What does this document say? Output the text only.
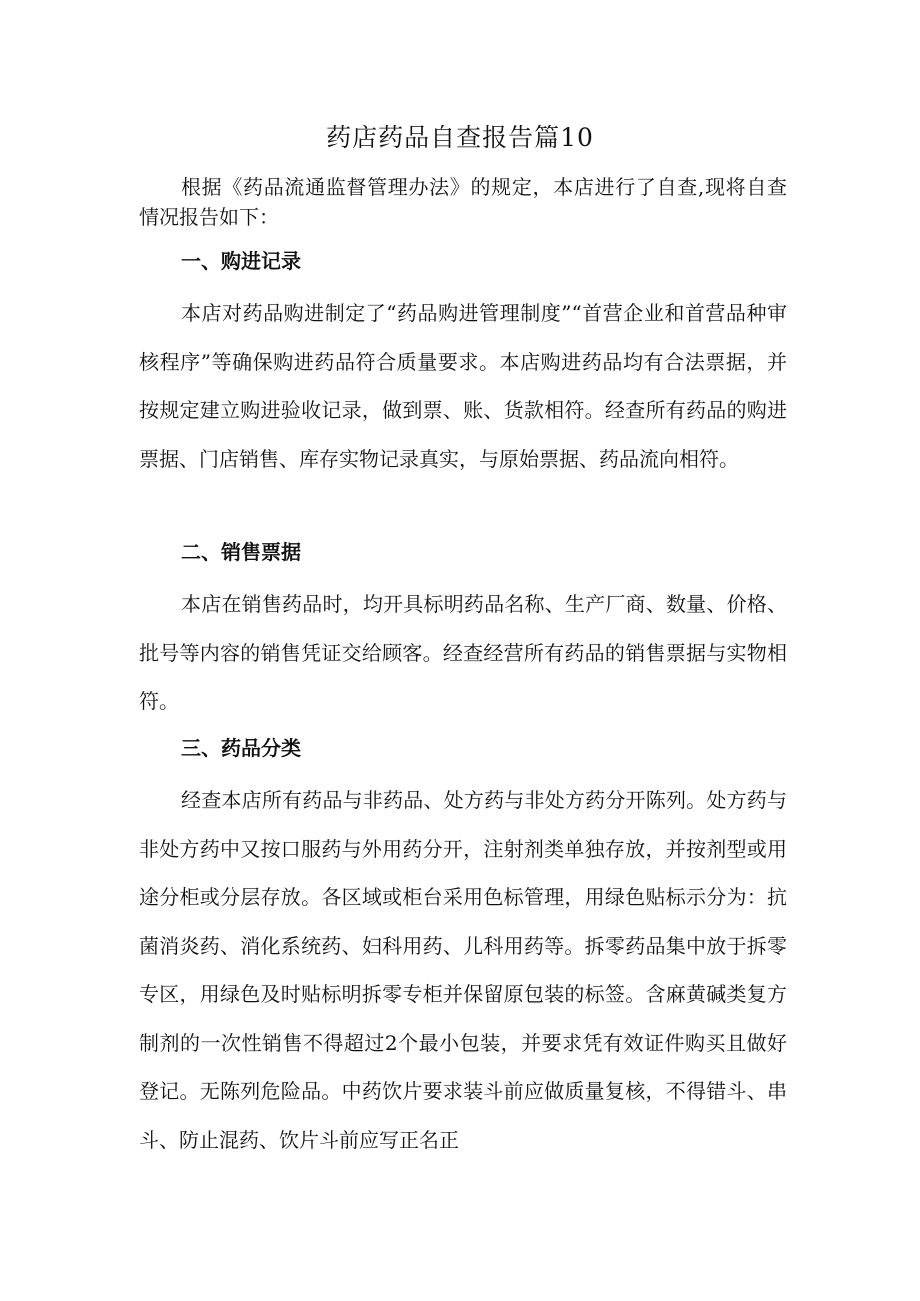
药店药品自查报告篇10

根据《药品流通监督管理办法》的规定，本店进行了自查,现将自查情况报告如下：

一、购进记录

本店对药品购进制定了“药品购进管理制度”“首营企业和首营品种审核程序”等确保购进药品符合质量要求。本店购进药品均有合法票据，并按规定建立购进验收记录，做到票、账、货款相符。经查所有药品的购进票据、门店销售、库存实物记录真实，与原始票据、药品流向相符。

二、销售票据

本店在销售药品时，均开具标明药品名称、生产厂商、数量、价格、批号等内容的销售凭证交给顾客。经查经营所有药品的销售票据与实物相符。

三、药品分类

经查本店所有药品与非药品、处方药与非处方药分开陈列。处方药与非处方药中又按口服药与外用药分开，注射剂类单独存放，并按剂型或用途分柜或分层存放。各区域或柜台采用色标管理，用绿色贴标示分为：抗菌消炎药、消化系统药、妇科用药、儿科用药等。拆零药品集中放于拆零专区，用绿色及时贴标明拆零专柜并保留原包装的标签。含麻黄碱类复方制剂的一次性销售不得超过2个最小包装，并要求凭有效证件购买且做好登记。无陈列危险品。中药饮片要求装斗前应做质量复核，不得错斗、串斗、防止混药、饮片斗前应写正名正
